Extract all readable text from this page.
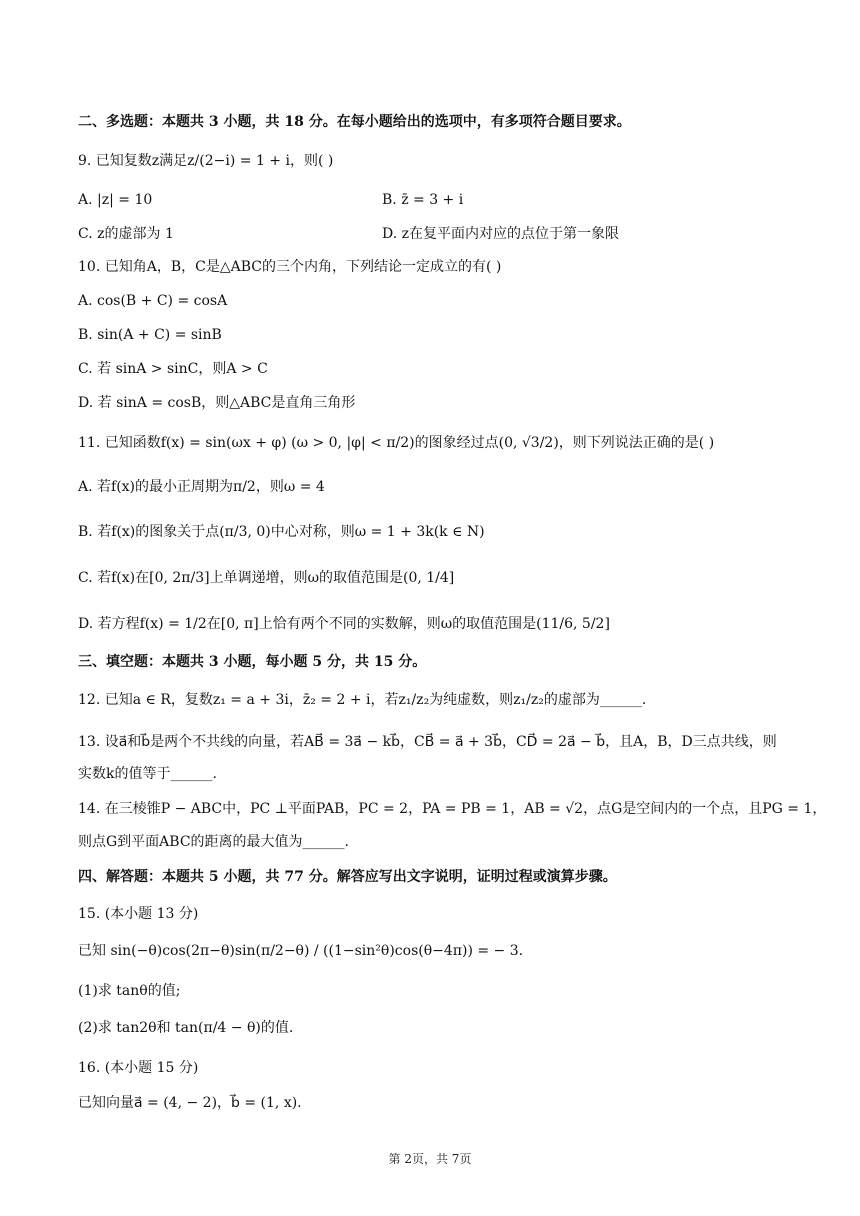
二、多选题：本题共 3 小题，共 18 分。在每小题给出的选项中，有多项符合题目要求。
9. 已知复数z满足z/(2−i) = 1 + i，则( )
A. |z| = 10	B. z̄ = 3 + i
C. z的虚部为 1	D. z在复平面内对应的点位于第一象限
10. 已知角A，B，C是△ABC的三个内角，下列结论一定成立的有( )
A. cos(B + C) = cosA
B. sin(A + C) = sinB
C. 若 sinA > sinC，则A > C
D. 若 sinA = cosB，则△ABC是直角三角形
11. 已知函数f(x) = sin(ωx + φ) (ω > 0, |φ| < π/2)的图象经过点(0, √3/2)，则下列说法正确的是( )
A. 若f(x)的最小正周期为π/2，则ω = 4
B. 若f(x)的图象关于点(π/3, 0)中心对称，则ω = 1 + 3k(k ∈ N)
C. 若f(x)在[0, 2π/3]上单调递增，则ω的取值范围是(0, 1/4]
D. 若方程f(x) = 1/2在[0, π]上恰有两个不同的实数解，则ω的取值范围是(11/6, 5/2]
三、填空题：本题共 3 小题，每小题 5 分，共 15 分。
12. 已知a ∈ R，复数z₁ = a + 3i，z̄₂ = 2 + i，若z₁/z₂为纯虚数，则z₁/z₂的虚部为______.
13. 设a⃗和b⃗是两个不共线的向量，若AB⃗ = 3a⃗ − kb⃗，CB⃗ = a⃗ + 3b⃗，CD⃗ = 2a⃗ − b⃗，且A，B，D三点共线，则
实数k的值等于______.
14. 在三棱锥P − ABC中，PC ⊥平面PAB，PC = 2，PA = PB = 1，AB = √2，点G是空间内的一个点，且PG = 1，
则点G到平面ABC的距离的最大值为______.
四、解答题：本题共 5 小题，共 77 分。解答应写出文字说明，证明过程或演算步骤。
15. (本小题 13 分)
已知 sin(−θ)cos(2π−θ)sin(π/2−θ) / ((1−sin²θ)cos(θ−4π)) = − 3.
(1)求 tanθ的值;
(2)求 tan2θ和 tan(π/4 − θ)的值.
16. (本小题 15 分)
已知向量a⃗ = (4, − 2)，b⃗ = (1, x).
第 2页，共 7页
